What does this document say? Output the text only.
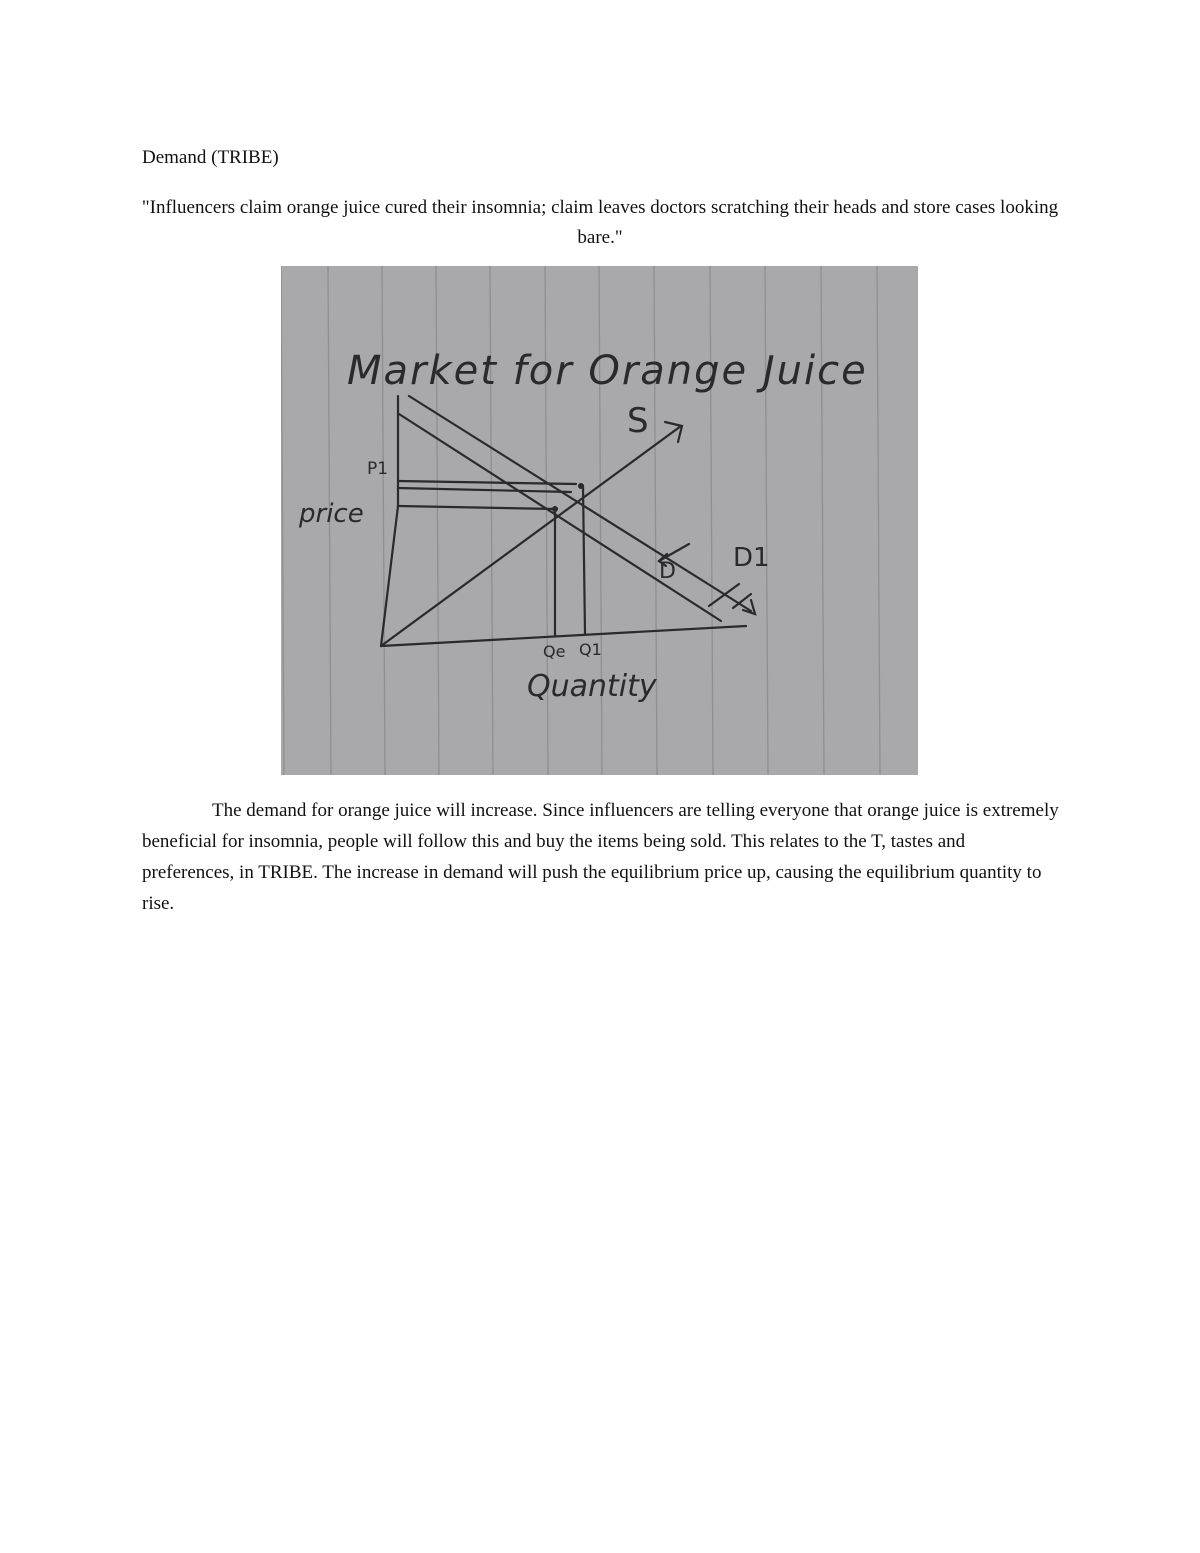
Demand (TRIBE)
"Influencers claim orange juice cured their insomnia; claim leaves doctors scratching their heads and store cases looking bare."
Market for Orange Juice
S
D D1
price
P1
Quantity
Qe Q1
The demand for orange juice will increase. Since influencers are telling everyone that orange juice is extremely beneficial for insomnia, people will follow this and buy the items being sold. This relates to the T, tastes and preferences, in TRIBE. The increase in demand will push the equilibrium price up, causing the equilibrium quantity to rise.
